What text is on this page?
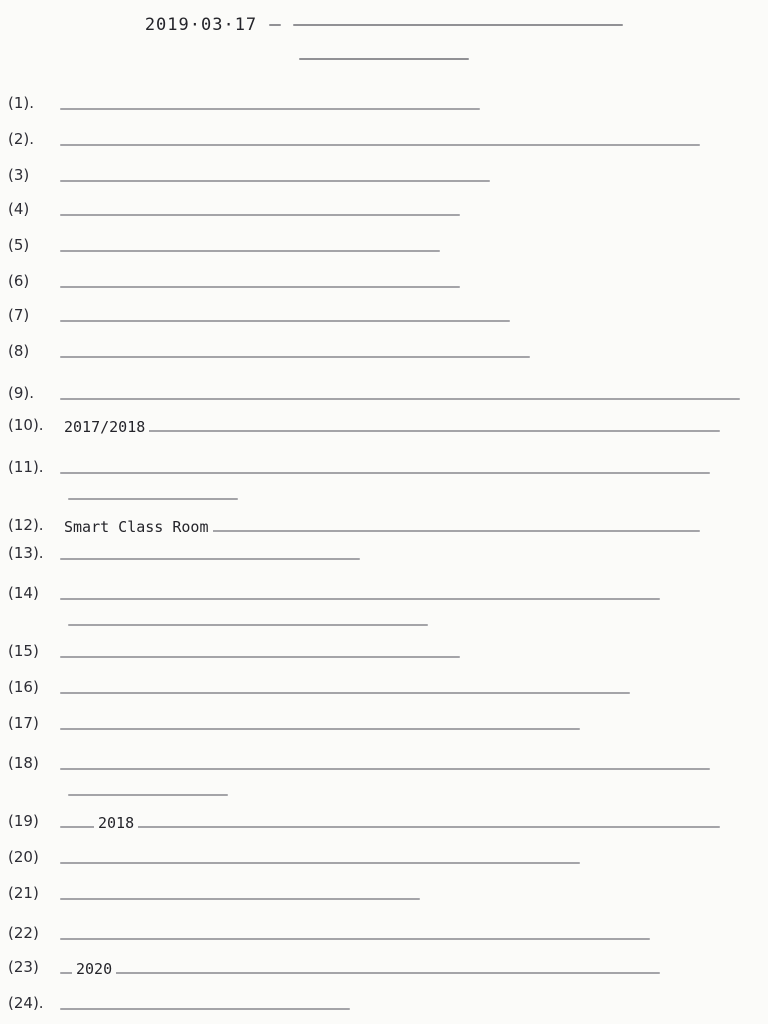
2019·03·17
(1).
(2).
(3)
(4)
(5)
(6)
(7)
(8)
(9).
(10).	2017/2018
(11).
(12).	Smart Class Room
(13).
(14)
(15)
(16)
(17)
(18)
(19)	2018
(20)
(21)
(22)
(23)	2020
(24).
